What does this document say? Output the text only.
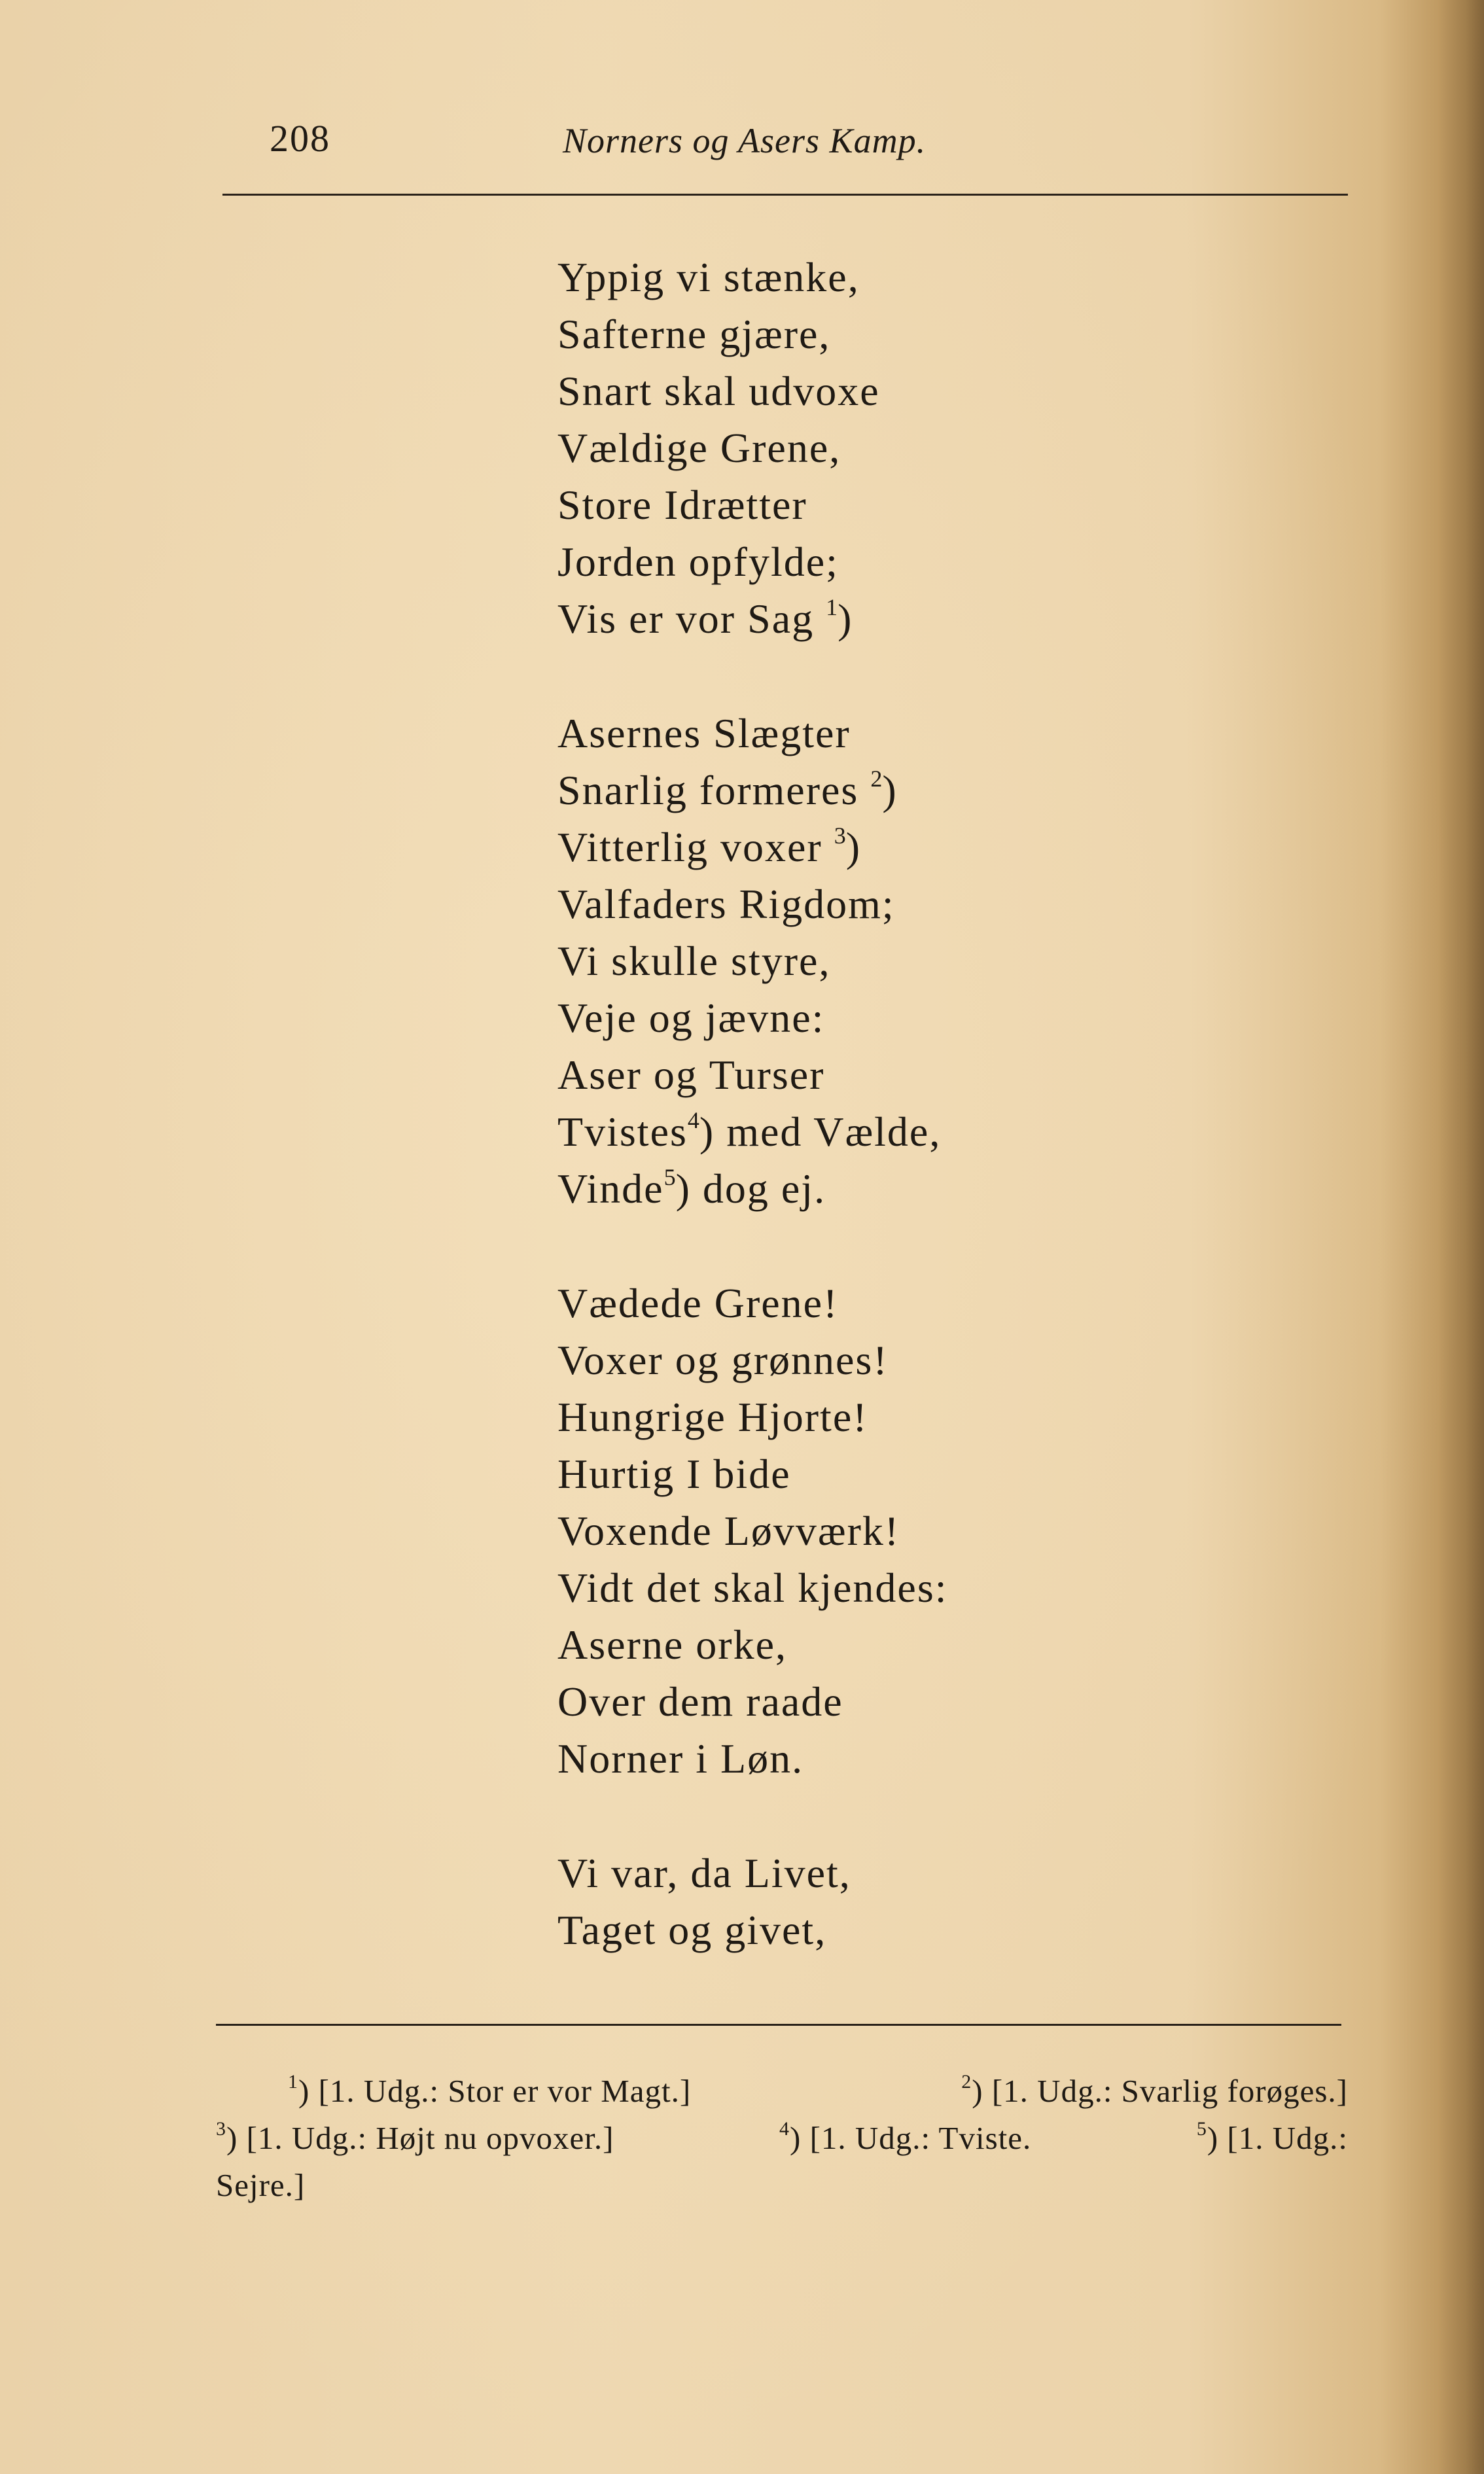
208	Norners og Asers Kamp.
Yppig vi stænke,
Safterne gjære,
Snart skal udvoxe
Vældige Grene,
Store Idrætter
Jorden opfylde;
Vis er vor Sag $^1$)
Asernes Slægter
Snarlig formeres $^2$)
Vitterlig voxer $^3$)
Valfaders Rigdom;
Vi skulle styre,
Veje og jævne:
Aser og Turser
Tvistes$^4$) med Vælde,
Vinde$^5$) dog ej.
Vædede Grene!
Voxer og grønnes!
Hungrige Hjorte!
Hurtig I bide
Voxende Løvværk!
Vidt det skal kjendes:
Aserne orke,
Over dem raade
Norner i Løn.
Vi var, da Livet,
Taget og givet,
$^1$) [1. Udg.: Stor er vor Magt.]	$^2$) [1. Udg.: Svarlig forøges.]
$^3$) [1. Udg.: Højt nu opvoxer.]	$^4$) [1. Udg.: Tviste.	$^5$) [1. Udg.:
Sejre.]
